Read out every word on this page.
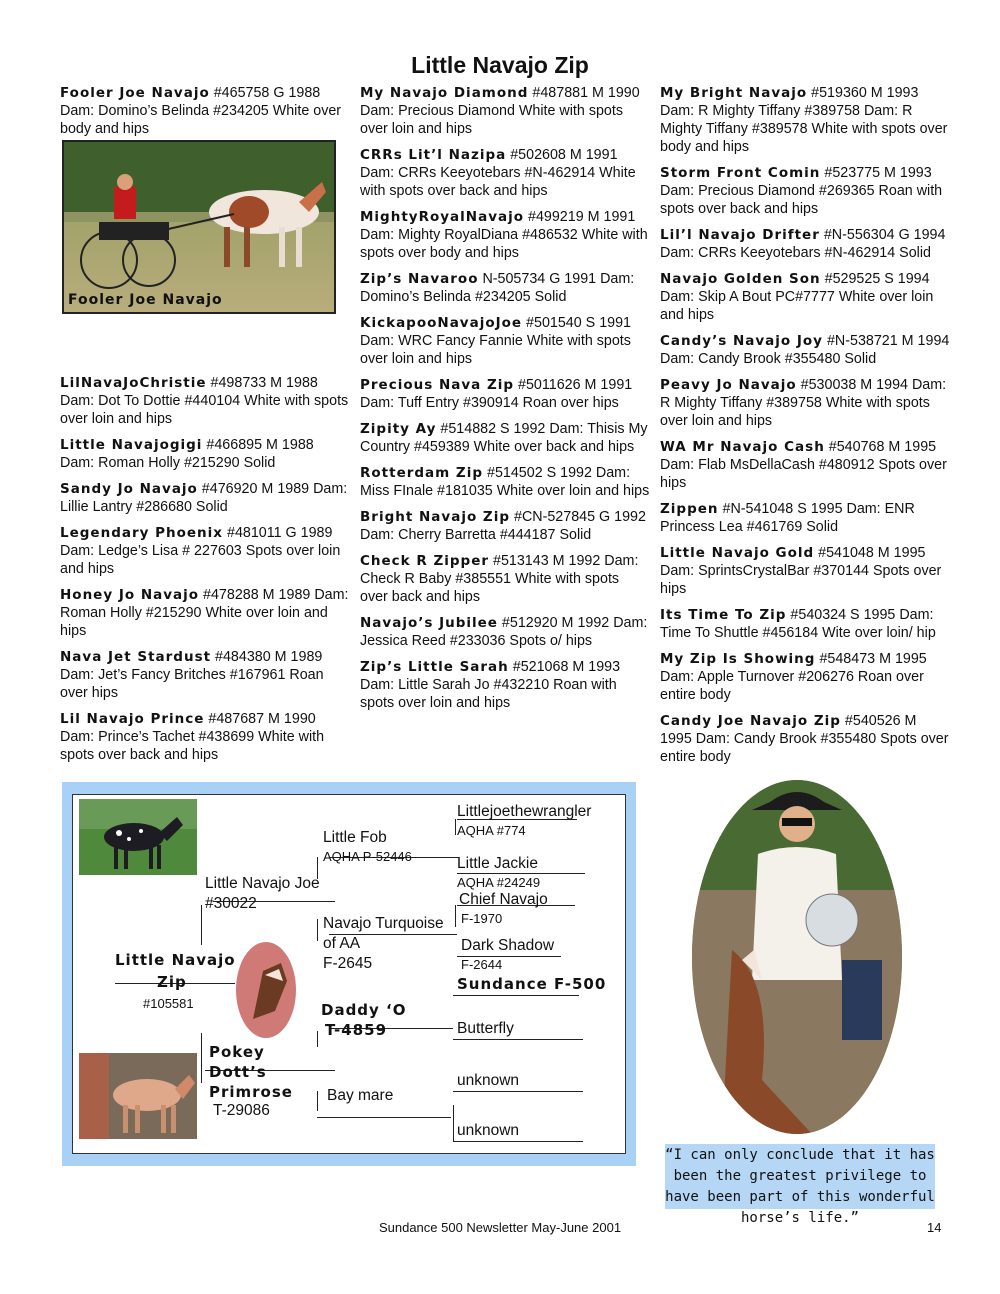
Little Navajo Zip
Fooler Joe Navajo #465758 G 1988 Dam: Domino’s Belinda #234205 White over body and hips
LilNavaJoChristie #498733 M 1988 Dam: Dot To Dottie #440104 White with spots over loin and hips
Little Navajogigi #466895 M 1988 Dam: Roman Holly #215290 Solid
Sandy Jo Navajo #476920 M 1989 Dam: Lillie Lantry #286680 Solid
Legendary Phoenix #481011 G 1989 Dam: Ledge’s Lisa # 227603 Spots over loin and hips
Honey Jo Navajo #478288 M 1989 Dam: Roman Holly #215290 White over loin and hips
Nava Jet Stardust #484380 M 1989 Dam: Jet’s Fancy Britches #167961 Roan over hips
Lil Navajo Prince #487687 M 1990 Dam: Prince’s Tachet #438699 White with spots over back and hips
Fooler Joe Navajo
My Navajo Diamond #487881 M 1990 Dam: Precious Diamond White with spots over loin and hips
CRRs Lit’l Nazipa #502608 M 1991 Dam: CRRs Keeyotebars #N-462914 White with spots over back and hips
MightyRoyalNavajo #499219 M 1991 Dam: Mighty RoyalDiana #486532 White with spots over body and hips
Zip’s Navaroo N-505734 G 1991 Dam: Domino’s Belinda #234205 Solid
KickapooNavajoJoe #501540 S 1991 Dam: WRC Fancy Fannie White with spots over loin and hips
Precious Nava Zip #5011626 M 1991 Dam: Tuff Entry #390914 Roan over hips
Zipity Ay #514882 S 1992 Dam: Thisis My Country #459389 White over back and hips
Rotterdam Zip #514502 S 1992 Dam: Miss FInale #181035 White over loin and hips
Bright Navajo Zip #CN-527845 G 1992 Dam: Cherry Barretta #444187 Solid
Check R Zipper #513143 M 1992 Dam: Check R Baby #385551 White with spots over back and hips
Navajo’s Jubilee #512920 M 1992 Dam: Jessica Reed #233036 Spots o/ hips
Zip’s Little Sarah #521068 M 1993 Dam: Little Sarah Jo #432210 Roan with spots over loin and hips
My Bright Navajo #519360 M 1993 Dam: R Mighty Tiffany #389758 Dam: R Mighty Tiffany #389578 White with spots over body and hips
Storm Front Comin #523775 M 1993 Dam: Precious Diamond #269365 Roan with spots over back and hips
Lil’l Navajo Drifter #N-556304 G 1994 Dam: CRRs Keeyotebars #N-462914 Solid
Navajo Golden Son #529525 S 1994 Dam: Skip A Bout PC#7777 White over loin and hips
Candy’s Navajo Joy #N-538721 M 1994 Dam: Candy Brook #355480 Solid
Peavy Jo Navajo #530038 M 1994 Dam: R Mighty Tiffany #389758 White with spots over loin and hips
WA Mr Navajo Cash #540768 M 1995 Dam: Flab MsDellaCash #480912 Spots over hips
Zippen #N-541048 S 1995 Dam: ENR Princess Lea #461769 Solid
Little Navajo Gold #541048 M 1995 Dam: SprintsCrystalBar #370144 Spots over hips
Its Time To Zip #540324 S 1995 Dam: Time To Shuttle #456184 Wite over loin/ hip
My Zip Is Showing #548473 M 1995 Dam: Apple Turnover #206276 Roan over entire body
Candy Joe Navajo Zip #540526 M 1995 Dam: Candy Brook #355480 Spots over entire body
Little Navajo
Zip
#105581
Little Navajo Joe
#30022
Pokey
Dott’s
Primrose
T-29086
Little Fob
AQHA P-52446
Navajo Turquoise
of AA
F-2645
Daddy ‘O
T-4859
Bay mare
Littlejoethewrangler
AQHA #774
Little Jackie
AQHA #24249
Chief Navajo
F-1970
Dark Shadow
F-2644
Sundance F-500
Butterfly
unknown
unknown
“I can only conclude that it has been the greatest privilege to have been part of this wonderful horse’s life.”
Sundance 500 Newsletter May-June 2001	14
